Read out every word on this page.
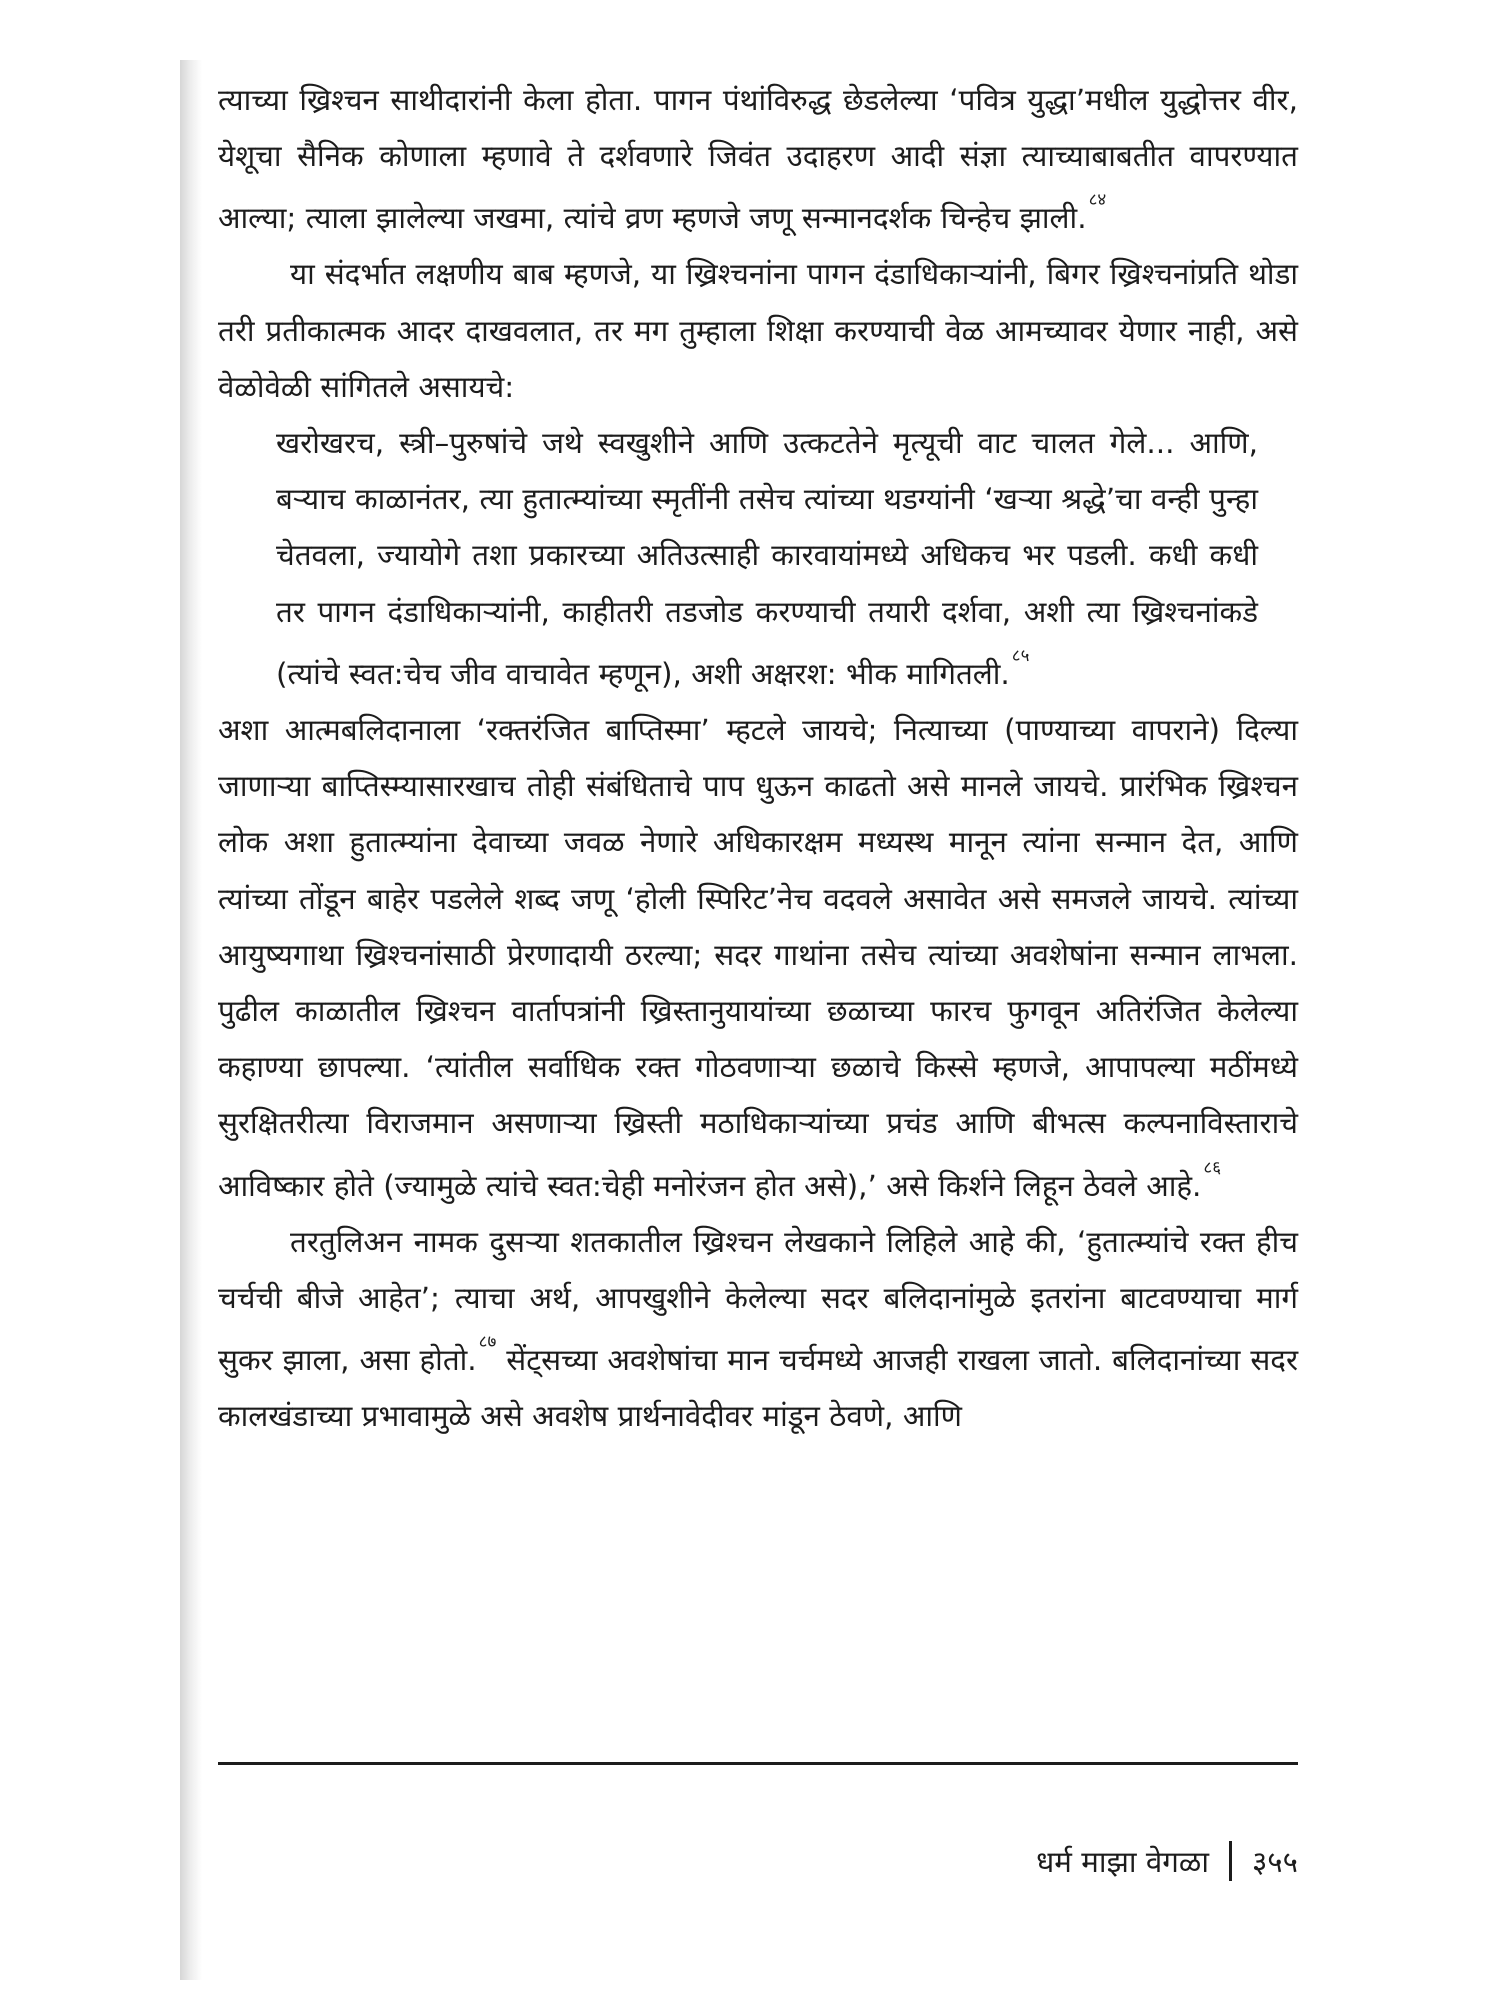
त्याच्या ख्रिश्चन साथीदारांनी केला होता. पागन पंथांविरुद्ध छेडलेल्या ‘पवित्र युद्धा’मधील युद्धोत्तर वीर, येशूचा सैनिक कोणाला म्हणावे ते दर्शवणारे जिवंत उदाहरण आदी संज्ञा त्याच्याबाबतीत वापरण्यात आल्या; त्याला झालेल्या जखमा, त्यांचे व्रण म्हणजे जणू सन्मानदर्शक चिन्हेच झाली.$^{८४}$

या संदर्भात लक्षणीय बाब म्हणजे, या ख्रिश्चनांना पागन दंडाधिकाऱ्यांनी, बिगर ख्रिश्चनांप्रति थोडा तरी प्रतीकात्मक आदर दाखवलात, तर मग तुम्हाला शिक्षा करण्याची वेळ आमच्यावर येणार नाही, असे वेळोवेळी सांगितले असायचे:

खरोखरच, स्त्री–पुरुषांचे जथे स्वखुशीने आणि उत्कटतेने मृत्यूची वाट चालत गेले... आणि, बऱ्याच काळानंतर, त्या हुतात्म्यांच्या स्मृतींनी तसेच त्यांच्या थडग्यांनी ‘खऱ्या श्रद्धे’चा वन्ही पुन्हा चेतवला, ज्यायोगे तशा प्रकारच्या अतिउत्साही कारवायांमध्ये अधिकच भर पडली. कधी कधी तर पागन दंडाधिकाऱ्यांनी, काहीतरी तडजोड करण्याची तयारी दर्शवा, अशी त्या ख्रिश्चनांकडे (त्यांचे स्वत:चेच जीव वाचावेत म्हणून), अशी अक्षरश: भीक मागितली.$^{८५}$

अशा आत्मबलिदानाला ‘रक्तरंजित बाप्तिस्मा’ म्हटले जायचे; नित्याच्या (पाण्याच्या वापराने) दिल्या जाणाऱ्या बाप्तिस्म्यासारखाच तोही संबंधिताचे पाप धुऊन काढतो असे मानले जायचे. प्रारंभिक ख्रिश्चन लोक अशा हुतात्म्यांना देवाच्या जवळ नेणारे अधिकारक्षम मध्यस्थ मानून त्यांना सन्मान देत, आणि त्यांच्या तोंडून बाहेर पडलेले शब्द जणू ‘होली स्पिरिट’नेच वदवले असावेत असे समजले जायचे. त्यांच्या आयुष्यगाथा ख्रिश्चनांसाठी प्रेरणादायी ठरल्या; सदर गाथांना तसेच त्यांच्या अवशेषांना सन्मान लाभला. पुढील काळातील ख्रिश्चन वार्तापत्रांनी ख्रिस्तानुयायांच्या छळाच्या फारच फुगवून अतिरंजित केलेल्या कहाण्या छापल्या. ‘त्यांतील सर्वाधिक रक्त गोठवणाऱ्या छळाचे किस्से म्हणजे, आपापल्या मठींमध्ये सुरक्षितरीत्या विराजमान असणाऱ्या ख्रिस्ती मठाधिकाऱ्यांच्या प्रचंड आणि बीभत्स कल्पनाविस्ताराचे आविष्कार होते (ज्यामुळे त्यांचे स्वत:चेही मनोरंजन होत असे),’ असे किर्शने लिहून ठेवले आहे.$^{८६}$

तरतुलिअन नामक दुसऱ्या शतकातील ख्रिश्चन लेखकाने लिहिले आहे की, ‘हुतात्म्यांचे रक्त हीच चर्चची बीजे आहेत’; त्याचा अर्थ, आपखुशीने केलेल्या सदर बलिदानांमुळे इतरांना बाटवण्याचा मार्ग सुकर झाला, असा होतो.$^{८७}$ सेंट्सच्या अवशेषांचा मान चर्चमध्ये आजही राखला जातो. बलिदानांच्या सदर कालखंडाच्या प्रभावामुळे असे अवशेष प्रार्थनावेदीवर मांडून ठेवणे, आणि

धर्म माझा वेगळा ३५५
